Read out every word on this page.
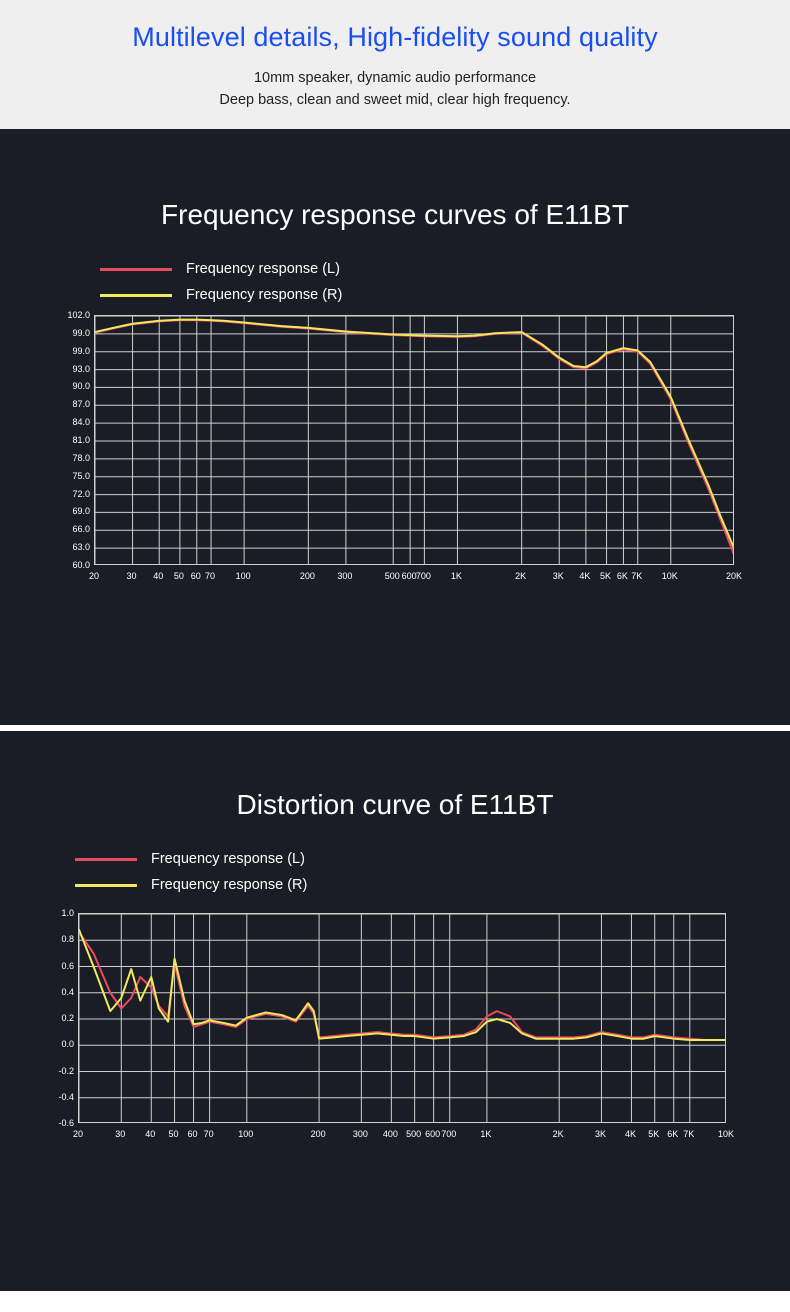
Multilevel details, High-fidelity sound quality
10mm speaker, dynamic audio performance
Deep bass, clean and sweet mid, clear high frequency.
Frequency response curves of E11BT
Frequency response (L)
Frequency response (R)
60.0
63.0
66.0
69.0
72.0
75.0
78.0
81.0
84.0
87.0
90.0
93.0
99.0
99.0
102.0
20	30 40 50 60 70 100	200	300	500 600 700 1K	2K	3K 4K 5K 6K 7K 10K	20K
Distortion curve of E11BT
Frequency response (L)
Frequency response (R)
-0.6
-0.4
-0.2
0.0
0.2
0.4
0.6
0.8
1.0
20	30 40 50 60 70	100	200	300 400 500 600 700	1K	2K	3K 4K 5K 6K 7K	10K
